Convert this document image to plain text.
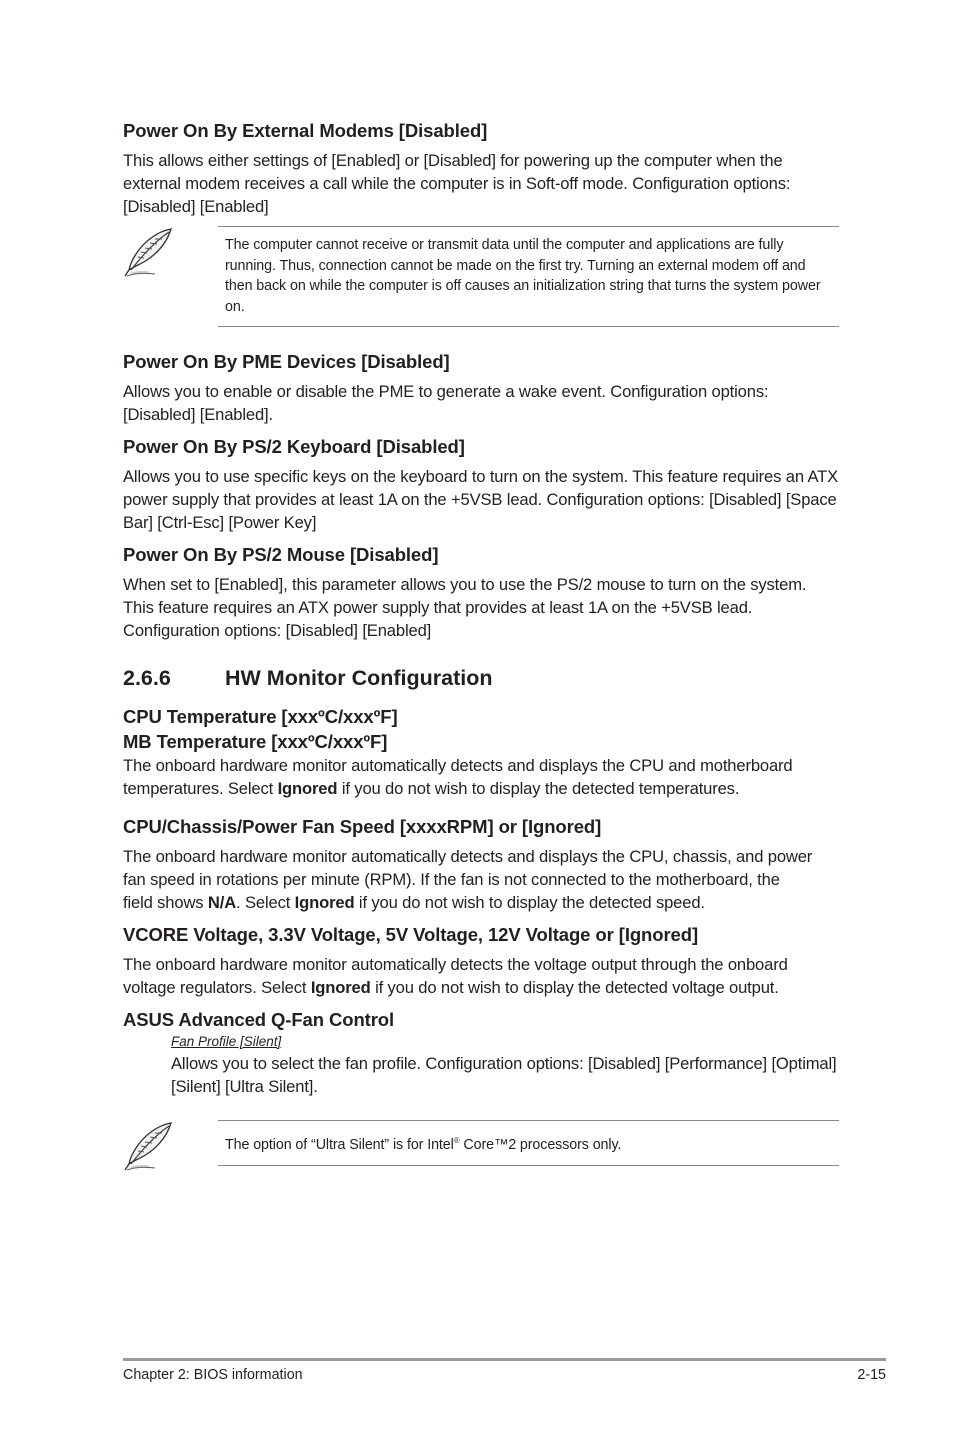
Power On By External Modems [Disabled]
This allows either settings of [Enabled] or [Disabled] for powering up the computer when the external modem receives a call while the computer is in Soft-off mode. Configuration options: [Disabled] [Enabled]
The computer cannot receive or transmit data until the computer and applications are fully running. Thus, connection cannot be made on the first try. Turning an external modem off and then back on while the computer is off causes an initialization string that turns the system power on.
Power On By PME Devices [Disabled]
Allows you to enable or disable the PME to generate a wake event. Configuration options: [Disabled] [Enabled].
Power On By PS/2 Keyboard [Disabled]
Allows you to use specific keys on the keyboard to turn on the system. This feature requires an ATX power supply that provides at least 1A on the +5VSB lead. Configuration options: [Disabled] [Space Bar] [Ctrl-Esc] [Power Key]
Power On By PS/2 Mouse [Disabled]
When set to [Enabled], this parameter allows you to use the PS/2 mouse to turn on the system. This feature requires an ATX power supply that provides at least 1A on the +5VSB lead. Configuration options: [Disabled] [Enabled]
2.6.6	HW Monitor Configuration
CPU Temperature [xxxºC/xxxºF]
MB Temperature [xxxºC/xxxºF]
The onboard hardware monitor automatically detects and displays the CPU and motherboard temperatures. Select Ignored if you do not wish to display the detected temperatures.
CPU/Chassis/Power Fan Speed [xxxxRPM] or [Ignored]
The onboard hardware monitor automatically detects and displays the CPU, chassis, and power fan speed in rotations per minute (RPM). If the fan is not connected to the motherboard, the field shows N/A. Select Ignored if you do not wish to display the detected speed.
VCORE Voltage, 3.3V Voltage, 5V Voltage, 12V Voltage or [Ignored]
The onboard hardware monitor automatically detects the voltage output through the onboard voltage regulators. Select Ignored if you do not wish to display the detected voltage output.
ASUS Advanced Q-Fan Control
Fan Profile [Silent]
Allows you to select the fan profile. Configuration options: [Disabled] [Performance] [Optimal] [Silent] [Ultra Silent].
The option of “Ultra Silent” is for Intel® Core™2 processors only.
Chapter 2: BIOS information	2-15
